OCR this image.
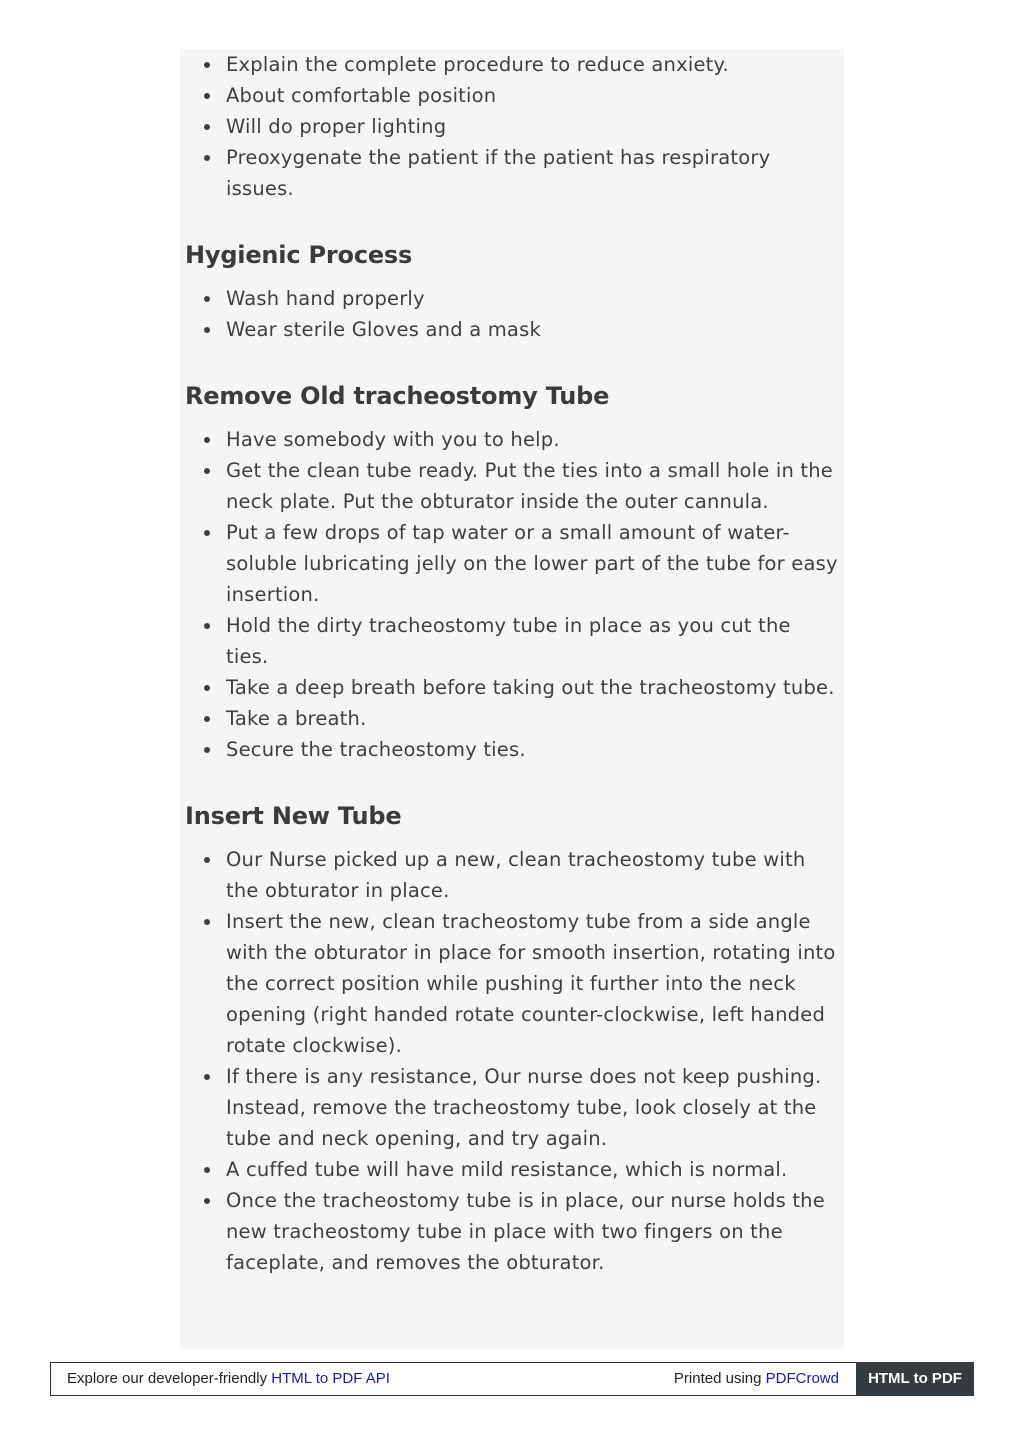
Explain the complete procedure to reduce anxiety.
About comfortable position
Will do proper lighting
Preoxygenate the patient if the patient has respiratory issues.
Hygienic Process
Wash hand properly
Wear sterile Gloves and a mask
Remove Old tracheostomy Tube
Have somebody with you to help.
Get the clean tube ready. Put the ties into a small hole in the neck plate. Put the obturator inside the outer cannula.
Put a few drops of tap water or a small amount of water-soluble lubricating jelly on the lower part of the tube for easy insertion.
Hold the dirty tracheostomy tube in place as you cut the ties.
Take a deep breath before taking out the tracheostomy tube.
Take a breath.
Secure the tracheostomy ties.
Insert New Tube
Our Nurse picked up a new, clean tracheostomy tube with the obturator in place.
Insert the new, clean tracheostomy tube from a side angle with the obturator in place for smooth insertion, rotating into the correct position while pushing it further into the neck opening (right handed rotate counter-clockwise, left handed rotate clockwise).
If there is any resistance, Our nurse does not keep pushing. Instead, remove the tracheostomy tube, look closely at the tube and neck opening, and try again.
A cuffed tube will have mild resistance, which is normal.
Once the tracheostomy tube is in place, our nurse holds the new tracheostomy tube in place with two fingers on the faceplate, and removes the obturator.
Explore our developer-friendly HTML to PDF API	Printed using PDFCrowd	HTML to PDF
